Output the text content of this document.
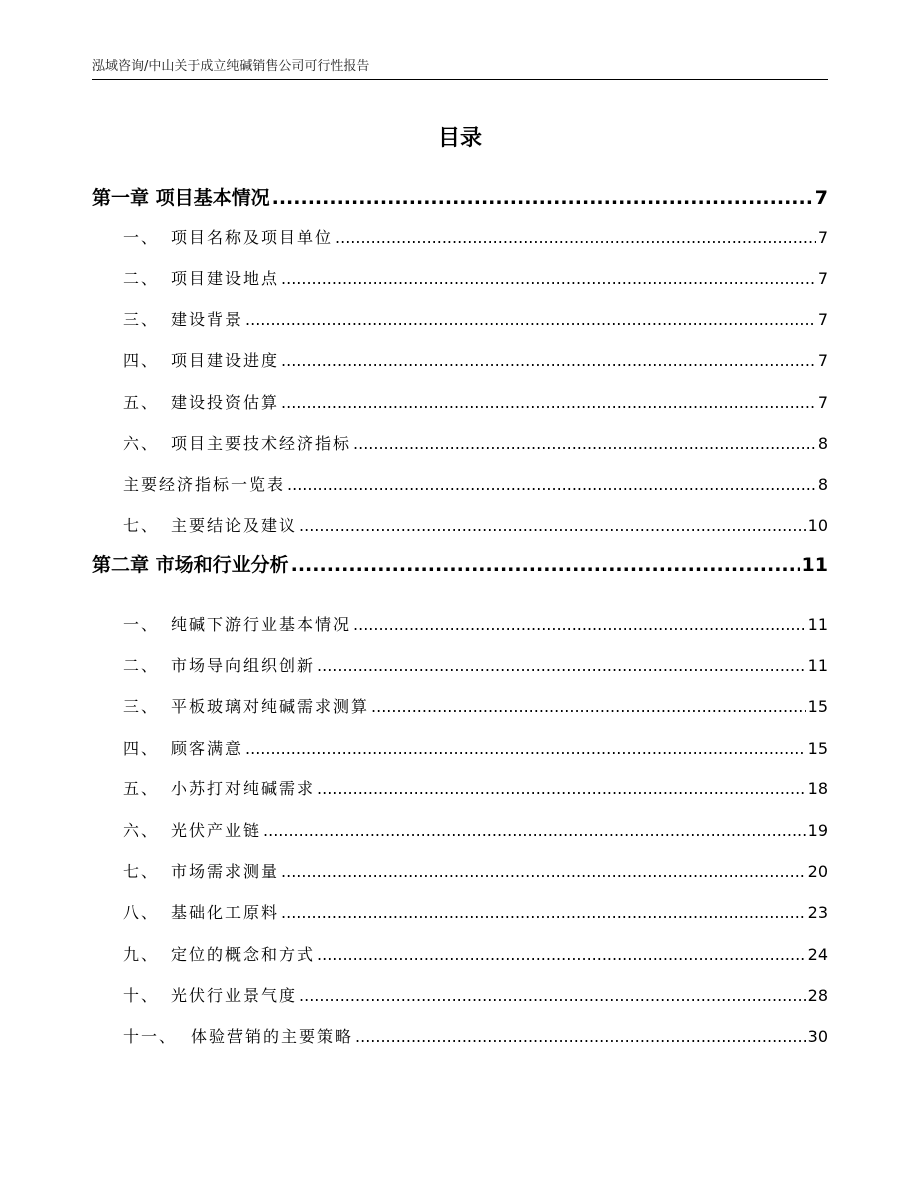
泓域咨询/中山关于成立纯碱销售公司可行性报告
目录
第一章 项目基本情况 .....	7
一、 项目名称及项目单位 .....	7
二、 项目建设地点 .....	7
三、 建设背景 .....	7
四、 项目建设进度 .....	7
五、 建设投资估算 .....	7
六、 项目主要技术经济指标 .....	8
主要经济指标一览表 .....	8
七、 主要结论及建议 .....	10
第二章 市场和行业分析 .....	11
一、 纯碱下游行业基本情况 .....	11
二、 市场导向组织创新 .....	11
三、 平板玻璃对纯碱需求测算 .....	15
四、 顾客满意 .....	15
五、 小苏打对纯碱需求 .....	18
六、 光伏产业链 .....	19
七、 市场需求测量 .....	20
八、 基础化工原料 .....	23
九、 定位的概念和方式 .....	24
十、 光伏行业景气度 .....	28
十一、 体验营销的主要策略 .....	30
